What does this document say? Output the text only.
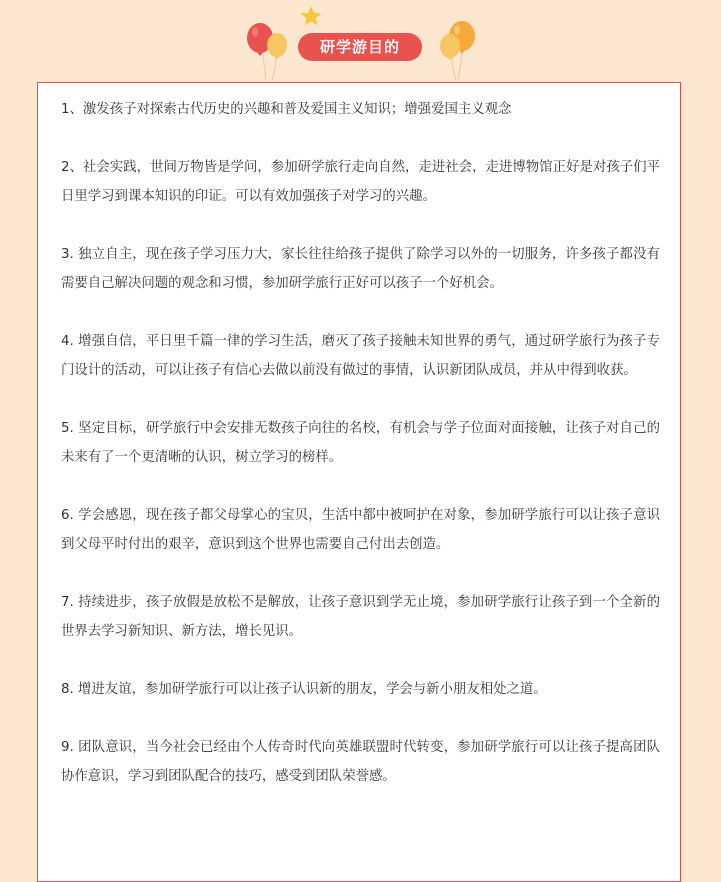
研学游目的

1、激发孩子对探索古代历史的兴趣和普及爱国主义知识；增强爱国主义观念

2、社会实践，世间万物皆是学问，参加研学旅行走向自然，走进社会，走进博物馆正好是对孩子们平日里学习到课本知识的印证。可以有效加强孩子对学习的兴趣。

3. 独立自主，现在孩子学习压力大，家长往往给孩子提供了除学习以外的一切服务，许多孩子都没有需要自己解决问题的观念和习惯，参加研学旅行正好可以孩子一个好机会。

4. 增强自信，平日里千篇一律的学习生活，磨灭了孩子接触未知世界的勇气，通过研学旅行为孩子专门设计的活动，可以让孩子有信心去做以前没有做过的事情，认识新团队成员，并从中得到收获。

5. 坚定目标，研学旅行中会安排无数孩子向往的名校，有机会与学子位面对面接触，让孩子对自己的未来有了一个更清晰的认识，树立学习的榜样。

6. 学会感恩，现在孩子都父母掌心的宝贝，生活中都中被呵护在对象，参加研学旅行可以让孩子意识到父母平时付出的艰辛，意识到这个世界也需要自己付出去创造。

7. 持续进步，孩子放假是放松不是解放，让孩子意识到学无止境，参加研学旅行让孩子到一个全新的世界去学习新知识、新方法，增长见识。

8. 增进友谊，参加研学旅行可以让孩子认识新的朋友，学会与新小朋友相处之道。

9. 团队意识，当今社会已经由个人传奇时代向英雄联盟时代转变，参加研学旅行可以让孩子提高团队协作意识，学习到团队配合的技巧，感受到团队荣誉感。
